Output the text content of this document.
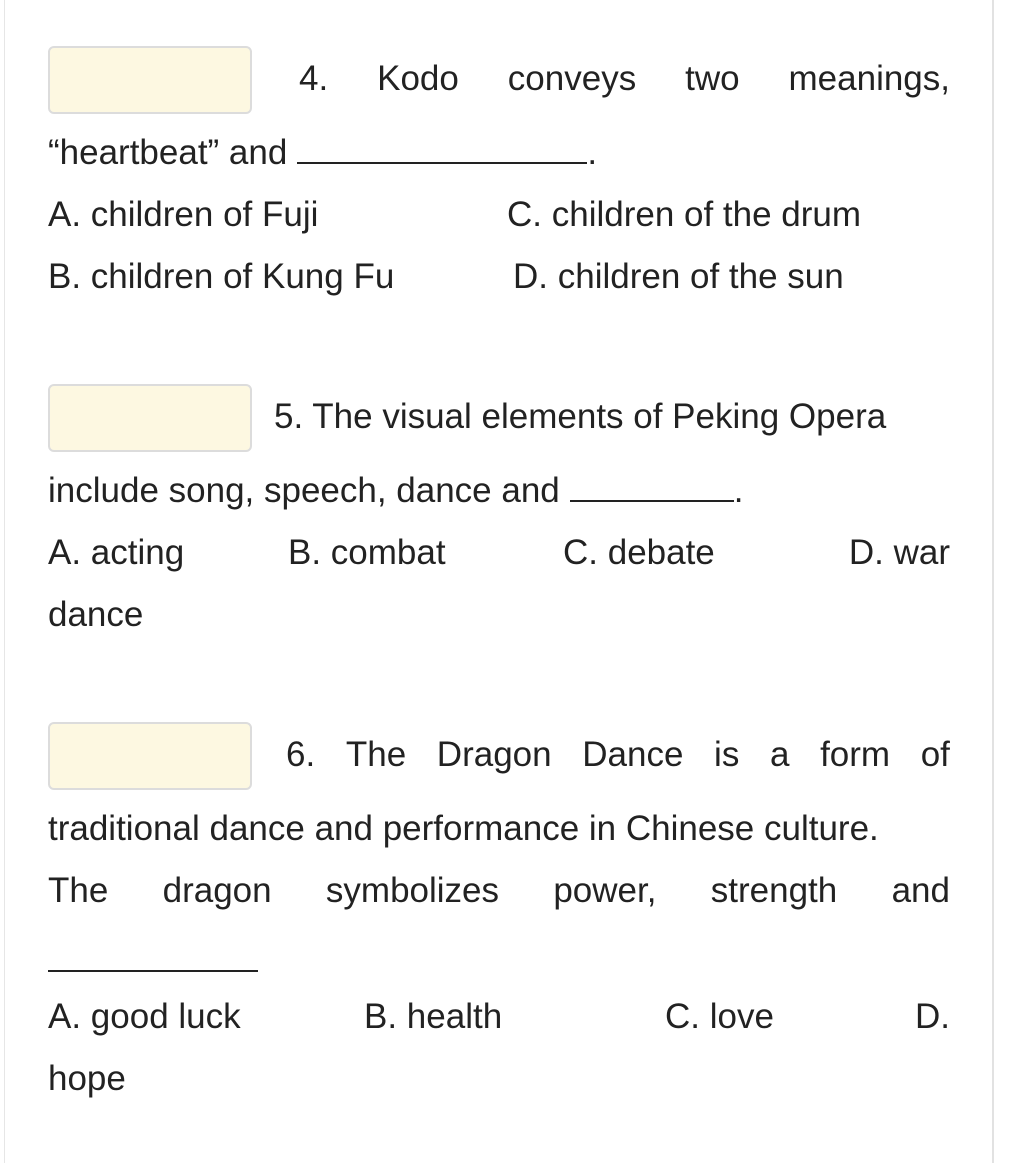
4. Kodo conveys two meanings,
“heartbeat” and	.
A. children of Fuji	C. children of the drum
B. children of Kung Fu	D. children of the sun
5. The visual elements of Peking Opera
include song, speech, dance and	.
A. acting	B. combat	C. debate	D. war
dance
6. The Dragon Dance is a form of
traditional dance and performance in Chinese culture.
The dragon symbolizes power, strength and
A. good luck	B. health	C. love	D.
hope
